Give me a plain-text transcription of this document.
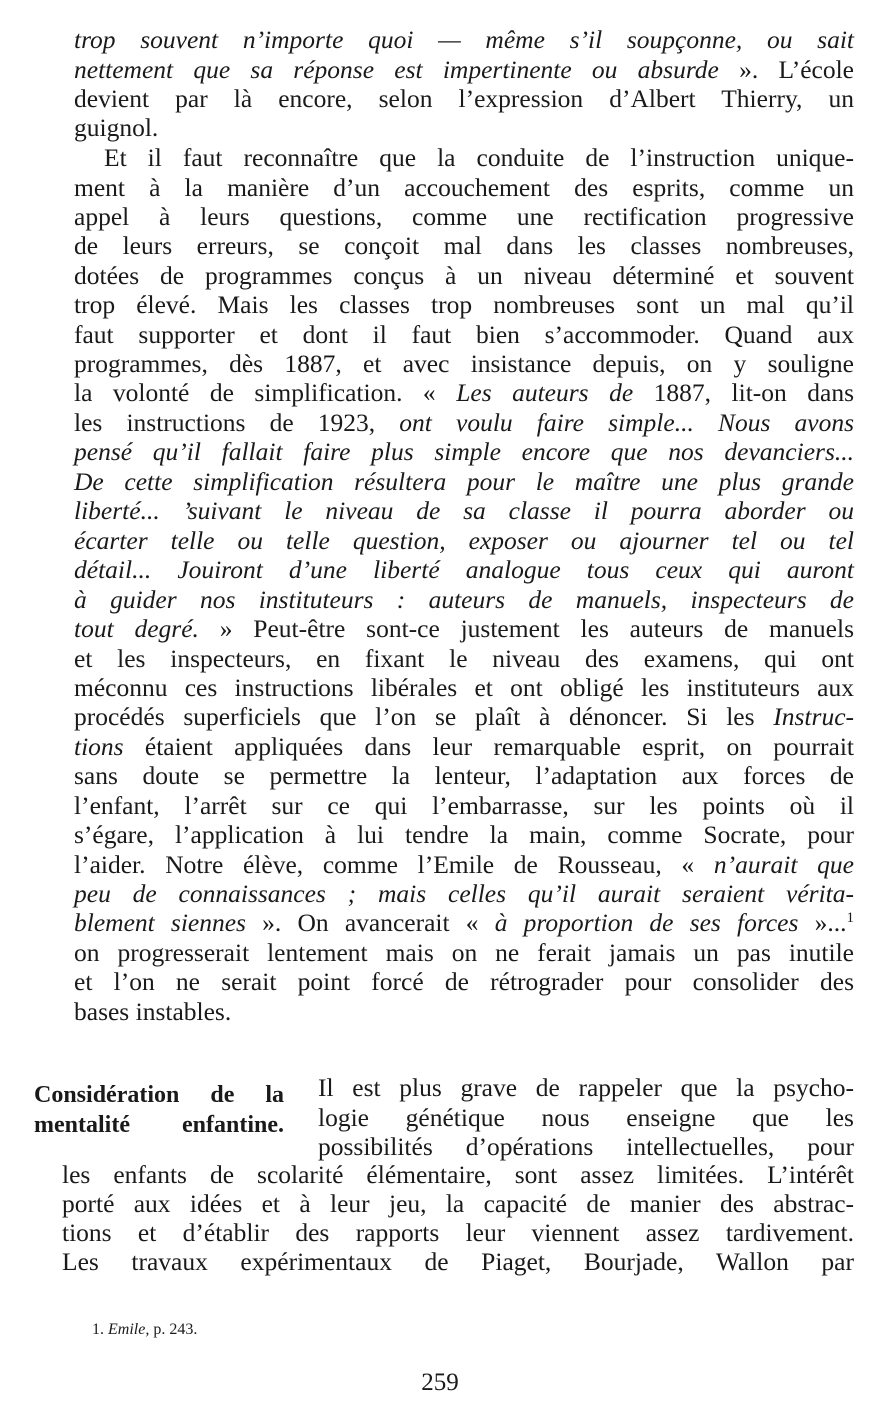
trop souvent n’importe quoi — même s’il soupçonne, ou sait
nettement que sa réponse est impertinente ou absurde ». L’école
devient par là encore, selon l’expression d’Albert Thierry, un
guignol.
Et il faut reconnaître que la conduite de l’instruction unique-
ment à la manière d’un accouchement des esprits, comme un
appel à leurs questions, comme une rectification progressive
de leurs erreurs, se conçoit mal dans les classes nombreuses,
dotées de programmes conçus à un niveau déterminé et souvent
trop élevé. Mais les classes trop nombreuses sont un mal qu’il
faut supporter et dont il faut bien s’accommoder. Quand aux
programmes, dès 1887, et avec insistance depuis, on y souligne
la volonté de simplification. « Les auteurs de 1887, lit-on dans
les instructions de 1923, ont voulu faire simple... Nous avons
pensé qu’il fallait faire plus simple encore que nos devanciers...
De cette simplification résultera pour le maître une plus grande
liberté... ’suivant le niveau de sa classe il pourra aborder ou
écarter telle ou telle question, exposer ou ajourner tel ou tel
détail... Jouiront d’une liberté analogue tous ceux qui auront
à guider nos instituteurs : auteurs de manuels, inspecteurs de
tout degré. » Peut-être sont-ce justement les auteurs de manuels
et les inspecteurs, en fixant le niveau des examens, qui ont
méconnu ces instructions libérales et ont obligé les instituteurs aux
procédés superficiels que l’on se plaît à dénoncer. Si les Instruc-
tions étaient appliquées dans leur remarquable esprit, on pourrait
sans doute se permettre la lenteur, l’adaptation aux forces de
l’enfant, l’arrêt sur ce qui l’embarrasse, sur les points où il
s’égare, l’application à lui tendre la main, comme Socrate, pour
l’aider. Notre élève, comme l’Emile de Rousseau, « n’aurait que
peu de connaissances ; mais celles qu’il aurait seraient vérita-
blement siennes ». On avancerait « à proportion de ses forces »...$^1$
on progresserait lentement mais on ne ferait jamais un pas inutile
et l’on ne serait point forcé de rétrograder pour consolider des
bases instables.
Considération de la
mentalité enfantine.
Il est plus grave de rappeler que la psycho-
logie génétique nous enseigne que les
possibilités d’opérations intellectuelles, pour
les enfants de scolarité élémentaire, sont assez limitées. L’intérêt
porté aux idées et à leur jeu, la capacité de manier des abstrac-
tions et d’établir des rapports leur viennent assez tardivement.
Les travaux expérimentaux de Piaget, Bourjade, Wallon par
1. Emile, p. 243.
259
